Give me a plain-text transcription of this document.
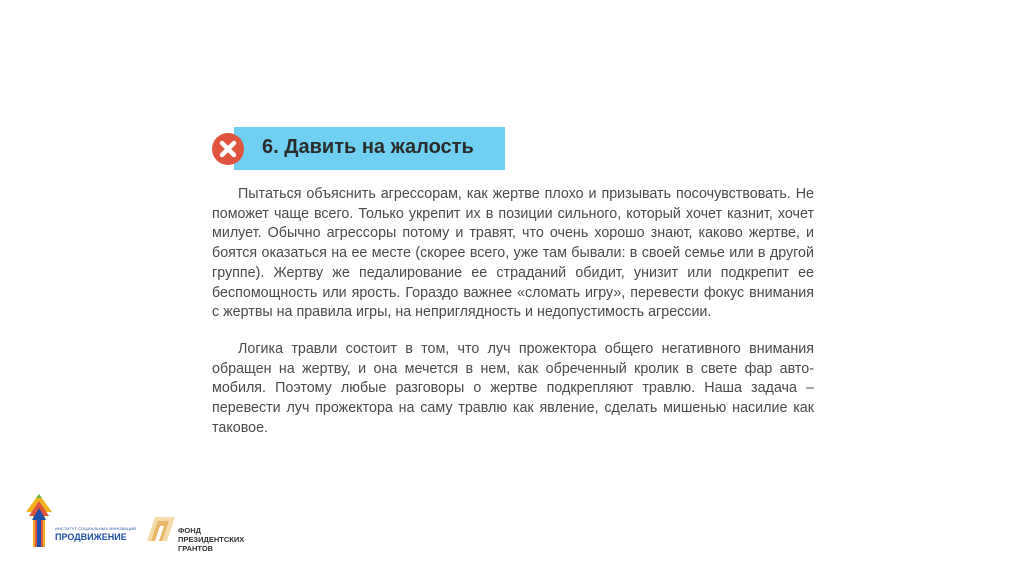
6. Давить на жалость

Пытаться объяснить агрессорам, как жертве плохо и призывать посочувствовать. Не поможет чаще всего. Только укрепит их в позиции сильного, который хочет казнит, хочет милует. Обычно агрессоры потому и травят, что очень хорошо знают, каково жертве, и боятся оказаться на ее месте (скорее всего, уже там бывали: в своей семье или в другой группе). Жертву же педалирование ее страданий обидит, унизит или подкрепит ее беспомощность или ярость. Гораздо важнее «сломать игру», перевести фокус внимания с жертвы на правила игры, на неприглядность и недопустимость агрессии.

Логика травли состоит в том, что луч прожектора общего негативного внимания обращен на жертву, и она мечется в нем, как обреченный кролик в свете фар автомобиля. Поэтому любые разговоры о жертве подкрепляют травлю. Наша задача – перевести луч прожектора на саму травлю как явление, сделать мишенью насилие как таковое.

ИНСТИТУТ СОЦИАЛЬНЫХ ИННОВАЦИЙ
ПРОДВИЖЕНИЕ
ФОНД
ПРЕЗИДЕНТСКИХ
ГРАНТОВ
